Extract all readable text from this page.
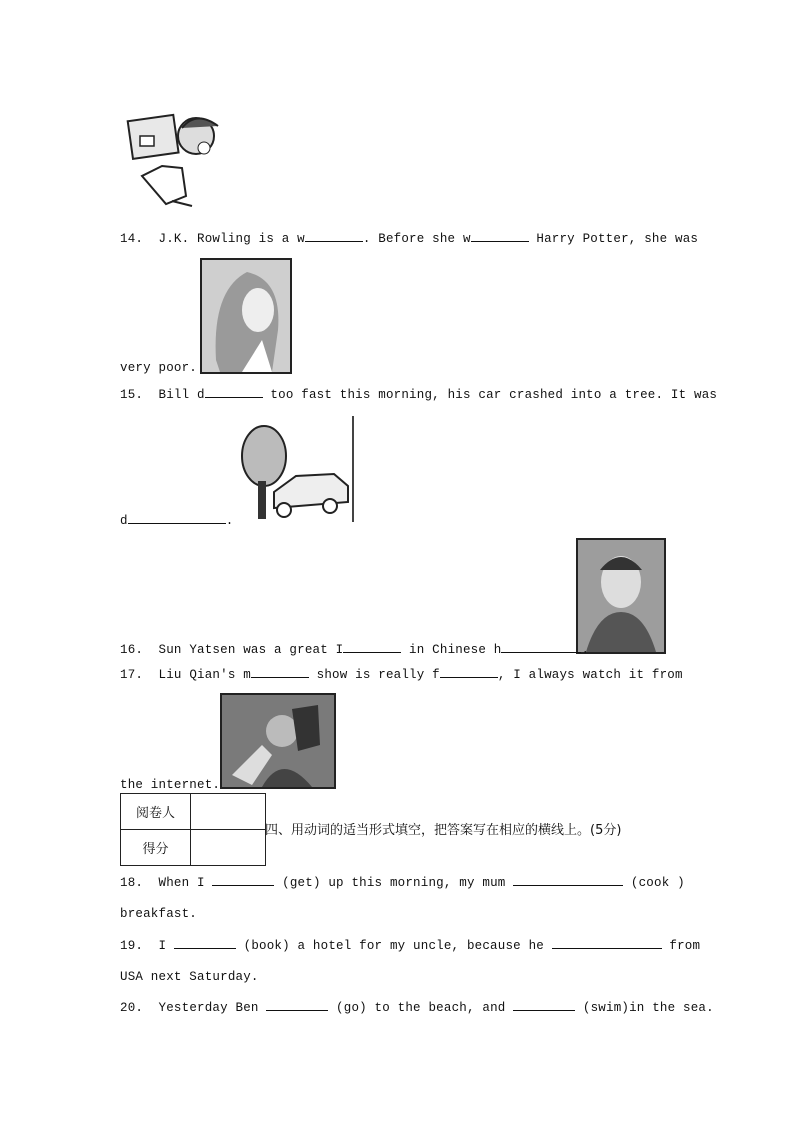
14. J.K. Rowling is a w	. Before she w	Harry Potter, she was
very poor.
15. Bill d	too fast this morning, his car crashed into a tree. It was
d	.
16. Sun Yatsen was a great I	in Chinese h	.
17. Liu Qian's m	show is really f	, I always watch it from
the internet.
阅卷人	
得分	
四、用动词的适当形式填空，把答案写在相应的横线上。(5分)
18. When I	(get) up this morning, my mum	(cook )
breakfast.
19. I	(book) a hotel for my uncle, because he	from
USA next Saturday.
20. Yesterday Ben	(go) to the beach, and	(swim)in the sea.
